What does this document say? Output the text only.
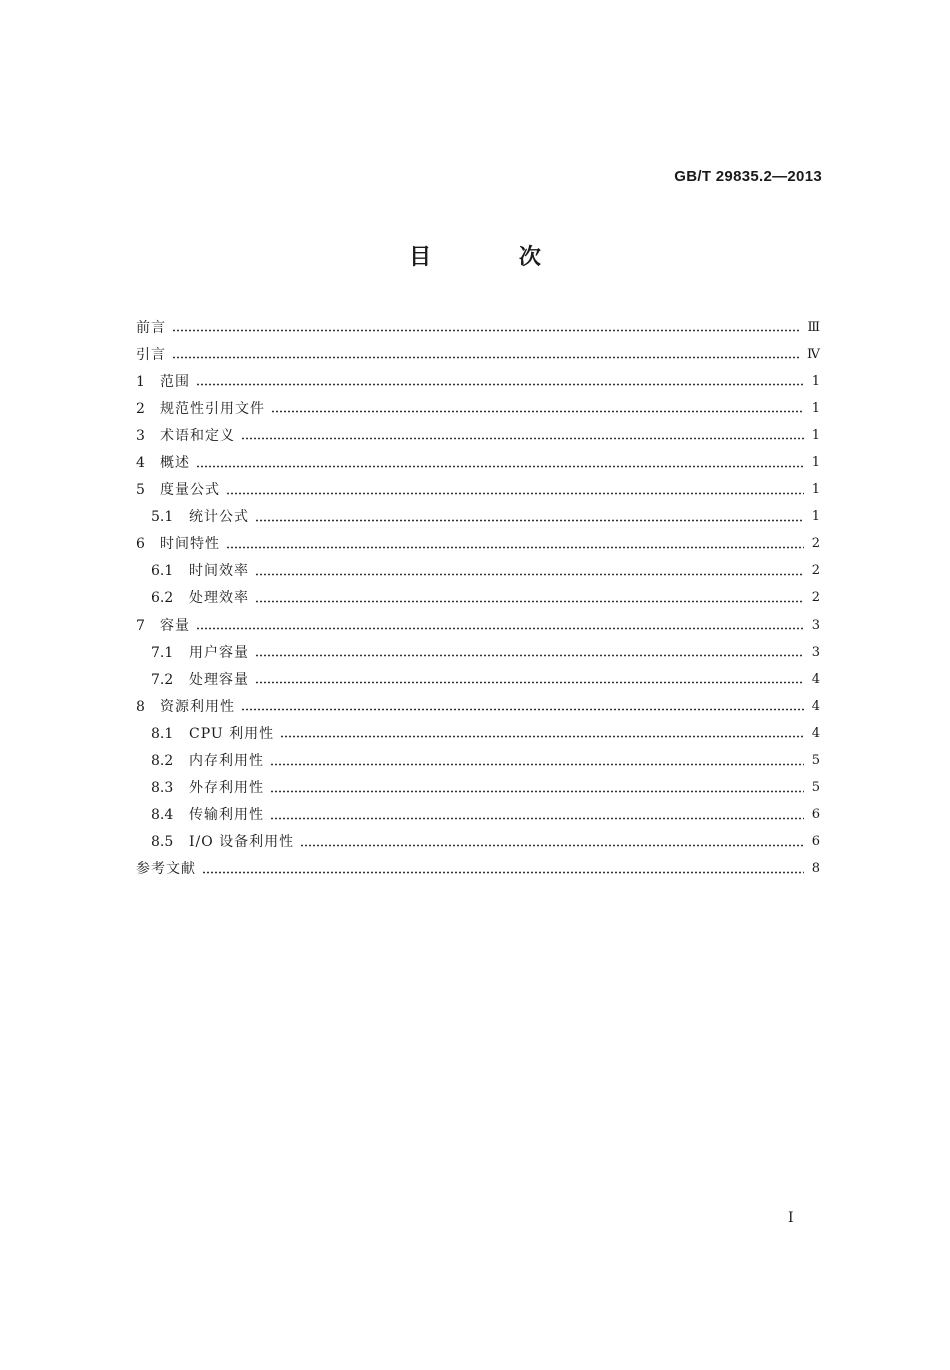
GB/T 29835.2—2013
目 次
前言	Ⅲ
引言	Ⅳ
1	范围	1
2	规范性引用文件	1
3	术语和定义	1
4	概述	1
5	度量公式	1
5.1	统计公式	1
6	时间特性	2
6.1	时间效率	2
6.2	处理效率	2
7	容量	3
7.1	用户容量	3
7.2	处理容量	4
8	资源利用性	4
8.1	CPU 利用性	4
8.2	内存利用性	5
8.3	外存利用性	5
8.4	传输利用性	6
8.5	I/O 设备利用性	6
参考文献	8
I
